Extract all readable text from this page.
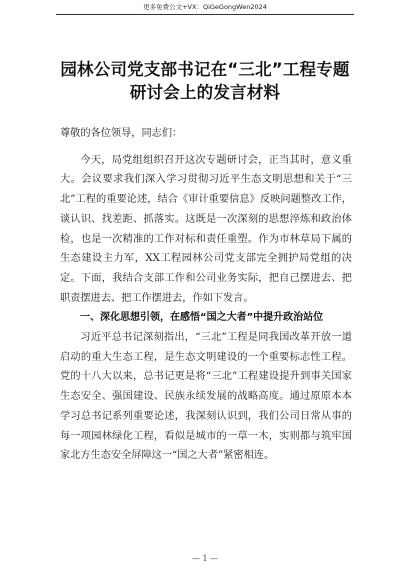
更多免费公文+VX：QiGeGongWen2024
园林公司党支部书记在“三北”工程专题
研讨会上的发言材料

尊敬的各位领导，同志们：

今天，局党组组织召开这次专题研讨会，正当其时，意义重大。会议要求我们深入学习贯彻习近平生态文明思想和关于“三北”工程的重要论述，结合《审计重要信息》反映问题整改工作，谈认识、找差距、抓落实。这既是一次深刻的思想淬炼和政治体检，也是一次精准的工作对标和责任重塑。作为市林草局下属的生态建设主力军，XX工程园林公司党支部完全拥护局党组的决定。下面，我结合支部工作和公司业务实际，把自己摆进去、把职责摆进去、把工作摆进去，作如下发言。

一、深化思想引领，在感悟“国之大者”中提升政治站位

习近平总书记深刻指出，“三北”工程是同我国改革开放一道启动的重大生态工程，是生态文明建设的一个重要标志性工程。党的十八大以来，总书记更是将“三北”工程建设提升到事关国家生态安全、强国建设、民族永续发展的战略高度。通过原原本本学习总书记系列重要论述，我深刻认识到，我们公司日常从事的每一项园林绿化工程，看似是城市的一草一木，实则都与筑牢国家北方生态安全屏障这一“国之大者”紧密相连。

— 1 —
